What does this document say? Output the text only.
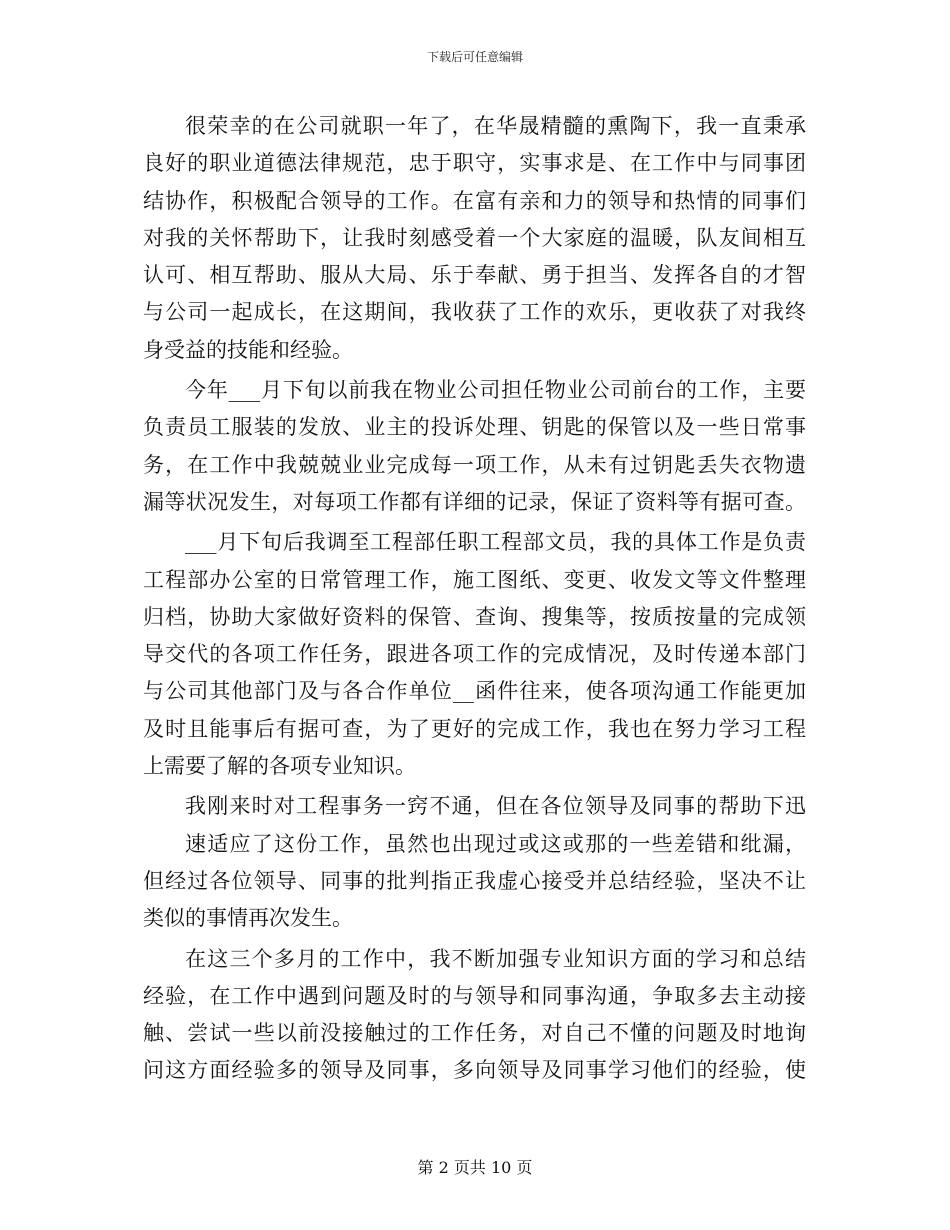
下载后可任意编辑
很荣幸的在公司就职一年了，在华晟精髓的熏陶下，我一直秉承
良好的职业道德法律规范，忠于职守，实事求是、在工作中与同事团
结协作，积极配合领导的工作。在富有亲和力的领导和热情的同事们
对我的关怀帮助下，让我时刻感受着一个大家庭的温暖，队友间相互
认可、相互帮助、服从大局、乐于奉献、勇于担当、发挥各自的才智
与公司一起成长，在这期间，我收获了工作的欢乐，更收获了对我终
身受益的技能和经验。
今年___月下旬以前我在物业公司担任物业公司前台的工作，主要
负责员工服装的发放、业主的投诉处理、钥匙的保管以及一些日常事
务，在工作中我兢兢业业完成每一项工作，从未有过钥匙丢失衣物遗
漏等状况发生，对每项工作都有详细的记录，保证了资料等有据可查。
___月下旬后我调至工程部任职工程部文员，我的具体工作是负责
工程部办公室的日常管理工作，施工图纸、变更、收发文等文件整理
归档，协助大家做好资料的保管、查询、搜集等，按质按量的完成领
导交代的各项工作任务，跟进各项工作的完成情况，及时传递本部门
与公司其他部门及与各合作单位__函件往来，使各项沟通工作能更加
及时且能事后有据可查，为了更好的完成工作，我也在努力学习工程
上需要了解的各项专业知识。
我刚来时对工程事务一窍不通，但在各位领导及同事的帮助下迅
速适应了这份工作，虽然也出现过或这或那的一些差错和纰漏，
但经过各位领导、同事的批判指正我虚心接受并总结经验，坚决不让
类似的事情再次发生。
在这三个多月的工作中，我不断加强专业知识方面的学习和总结
经验，在工作中遇到问题及时的与领导和同事沟通，争取多去主动接
触、尝试一些以前没接触过的工作任务，对自己不懂的问题及时地询
问这方面经验多的领导及同事，多向领导及同事学习他们的经验，使
第 2 页共 10 页
